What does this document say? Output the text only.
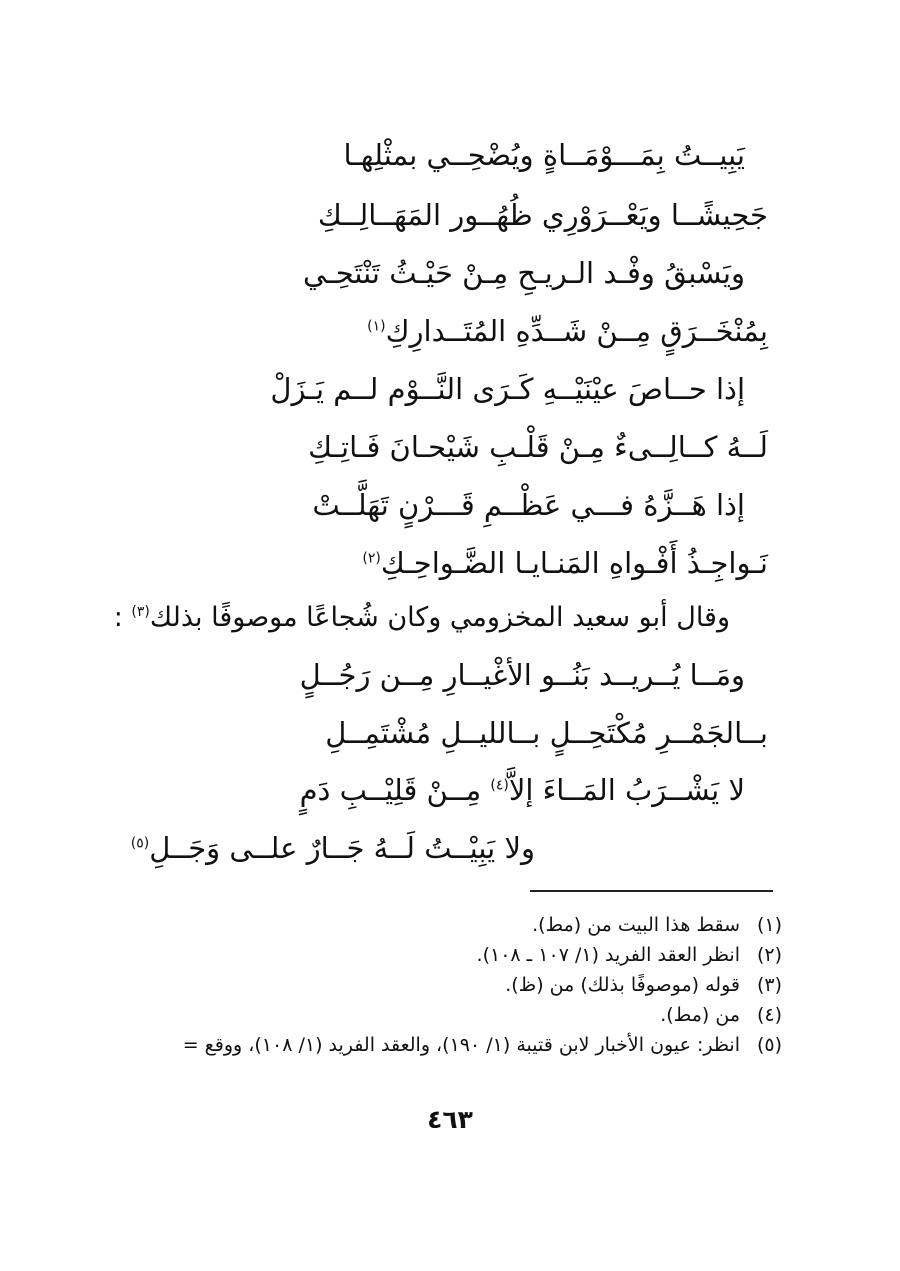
يَبِيــتُ بِمَـــوْمَــاةٍ ويُضْحِــي بمثْلِهـا
جَحِيشًــا ويَعْــرَوْرِي ظُهُــور المَهَــالِــكِ
ويَسْبقُ وفْـد الـريـحِ مِـنْ حَيْـثُ تَنْتَحِـي
بِمُنْخَــرَقٍ مِــنْ شَــدِّهِ المُتَــدارِكِ$^{(١)}$
إذا حــاصَ عيْنَيْــهِ كَـرَى النَّــوْم لــم يَـزَلْ
لَــهُ كــالِــىءٌ مِـنْ قَلْـبِ شَيْحـانَ فَـاتِـكِ
إذا هَــزَّهُ فـــي عَظْــمِ قَـــرْنٍ تَهَلَّــتْ
نَـواجِـذُ أَفْـواهِ المَنـايـا الضَّـواحِـكِ$^{(٢)}$
وقال أبو سعيد المخزومي وكان شُجاعًا موصوفًا بذلك$^{(٣)}$ :
ومَــا يُــريــد بَنُــو الأغْيــارِ مِــن رَجُــلٍ
بــالجَمْــرِ مُكْتَحِــلٍ بــالليــلِ مُشْتَمِــلِ
لا يَشْــرَبُ المَــاءَ إلاَّ$^{(٤)}$ مِــنْ قَلِيْــبِ دَمٍ
ولا يَبِيْــتُ لَــهُ جَــارٌ علــى وَجَــلِ$^{(٥)}$
(١)
سقط هذا البيت من (مط).
(٢)
انظر العقد الفريد (١/ ١٠٧ ـ ١٠٨).
(٣)
قوله (موصوفًا بذلك) من (ظ).
(٤)
من (مط).
(٥)
انظر: عيون الأخبار لابن قتيبة (١/ ١٩٠)، والعقد الفريد (١/ ١٠٨)، ووقع =
٤٦٣
